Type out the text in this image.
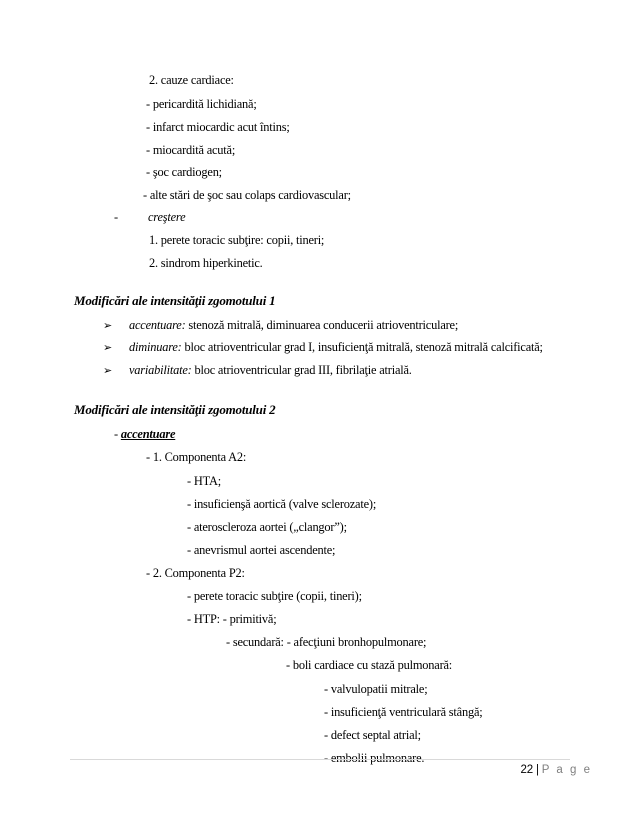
2. cauze cardiace:
- pericardită lichidiană;
- infarct miocardic acut întins;
- miocardită acută;
- şoc cardiogen;
- alte stări de şoc sau colaps cardiovascular;
- creştere
1. perete toracic subţire: copii, tineri;
2. sindrom hiperkinetic.
Modificări ale intensităţii zgomotului 1
➢ accentuare: stenoză mitrală, diminuarea conducerii atrioventriculare;
➢ diminuare: bloc atrioventricular grad I, insuficienţă mitrală, stenoză mitrală calcificată;
➢ variabilitate: bloc atrioventricular grad III, fibrilaţie atrială.
Modificări ale intensităţii zgomotului 2
- accentuare
- 1. Componenta A2:
- HTA;
- insuficienşă aortică (valve sclerozate);
- ateroscleroza aortei („clangor”);
- anevrismul aortei ascendente;
- 2. Componenta P2:
- perete toracic subţire (copii, tineri);
- HTP: - primitivă;
- secundară: - afecţiuni bronhopulmonare;
- boli cardiace cu stază pulmonară:
- valvulopatii mitrale;
- insuficienţă ventriculară stângă;
- defect septal atrial;
- embolii pulmonare.
22 | P a g e
